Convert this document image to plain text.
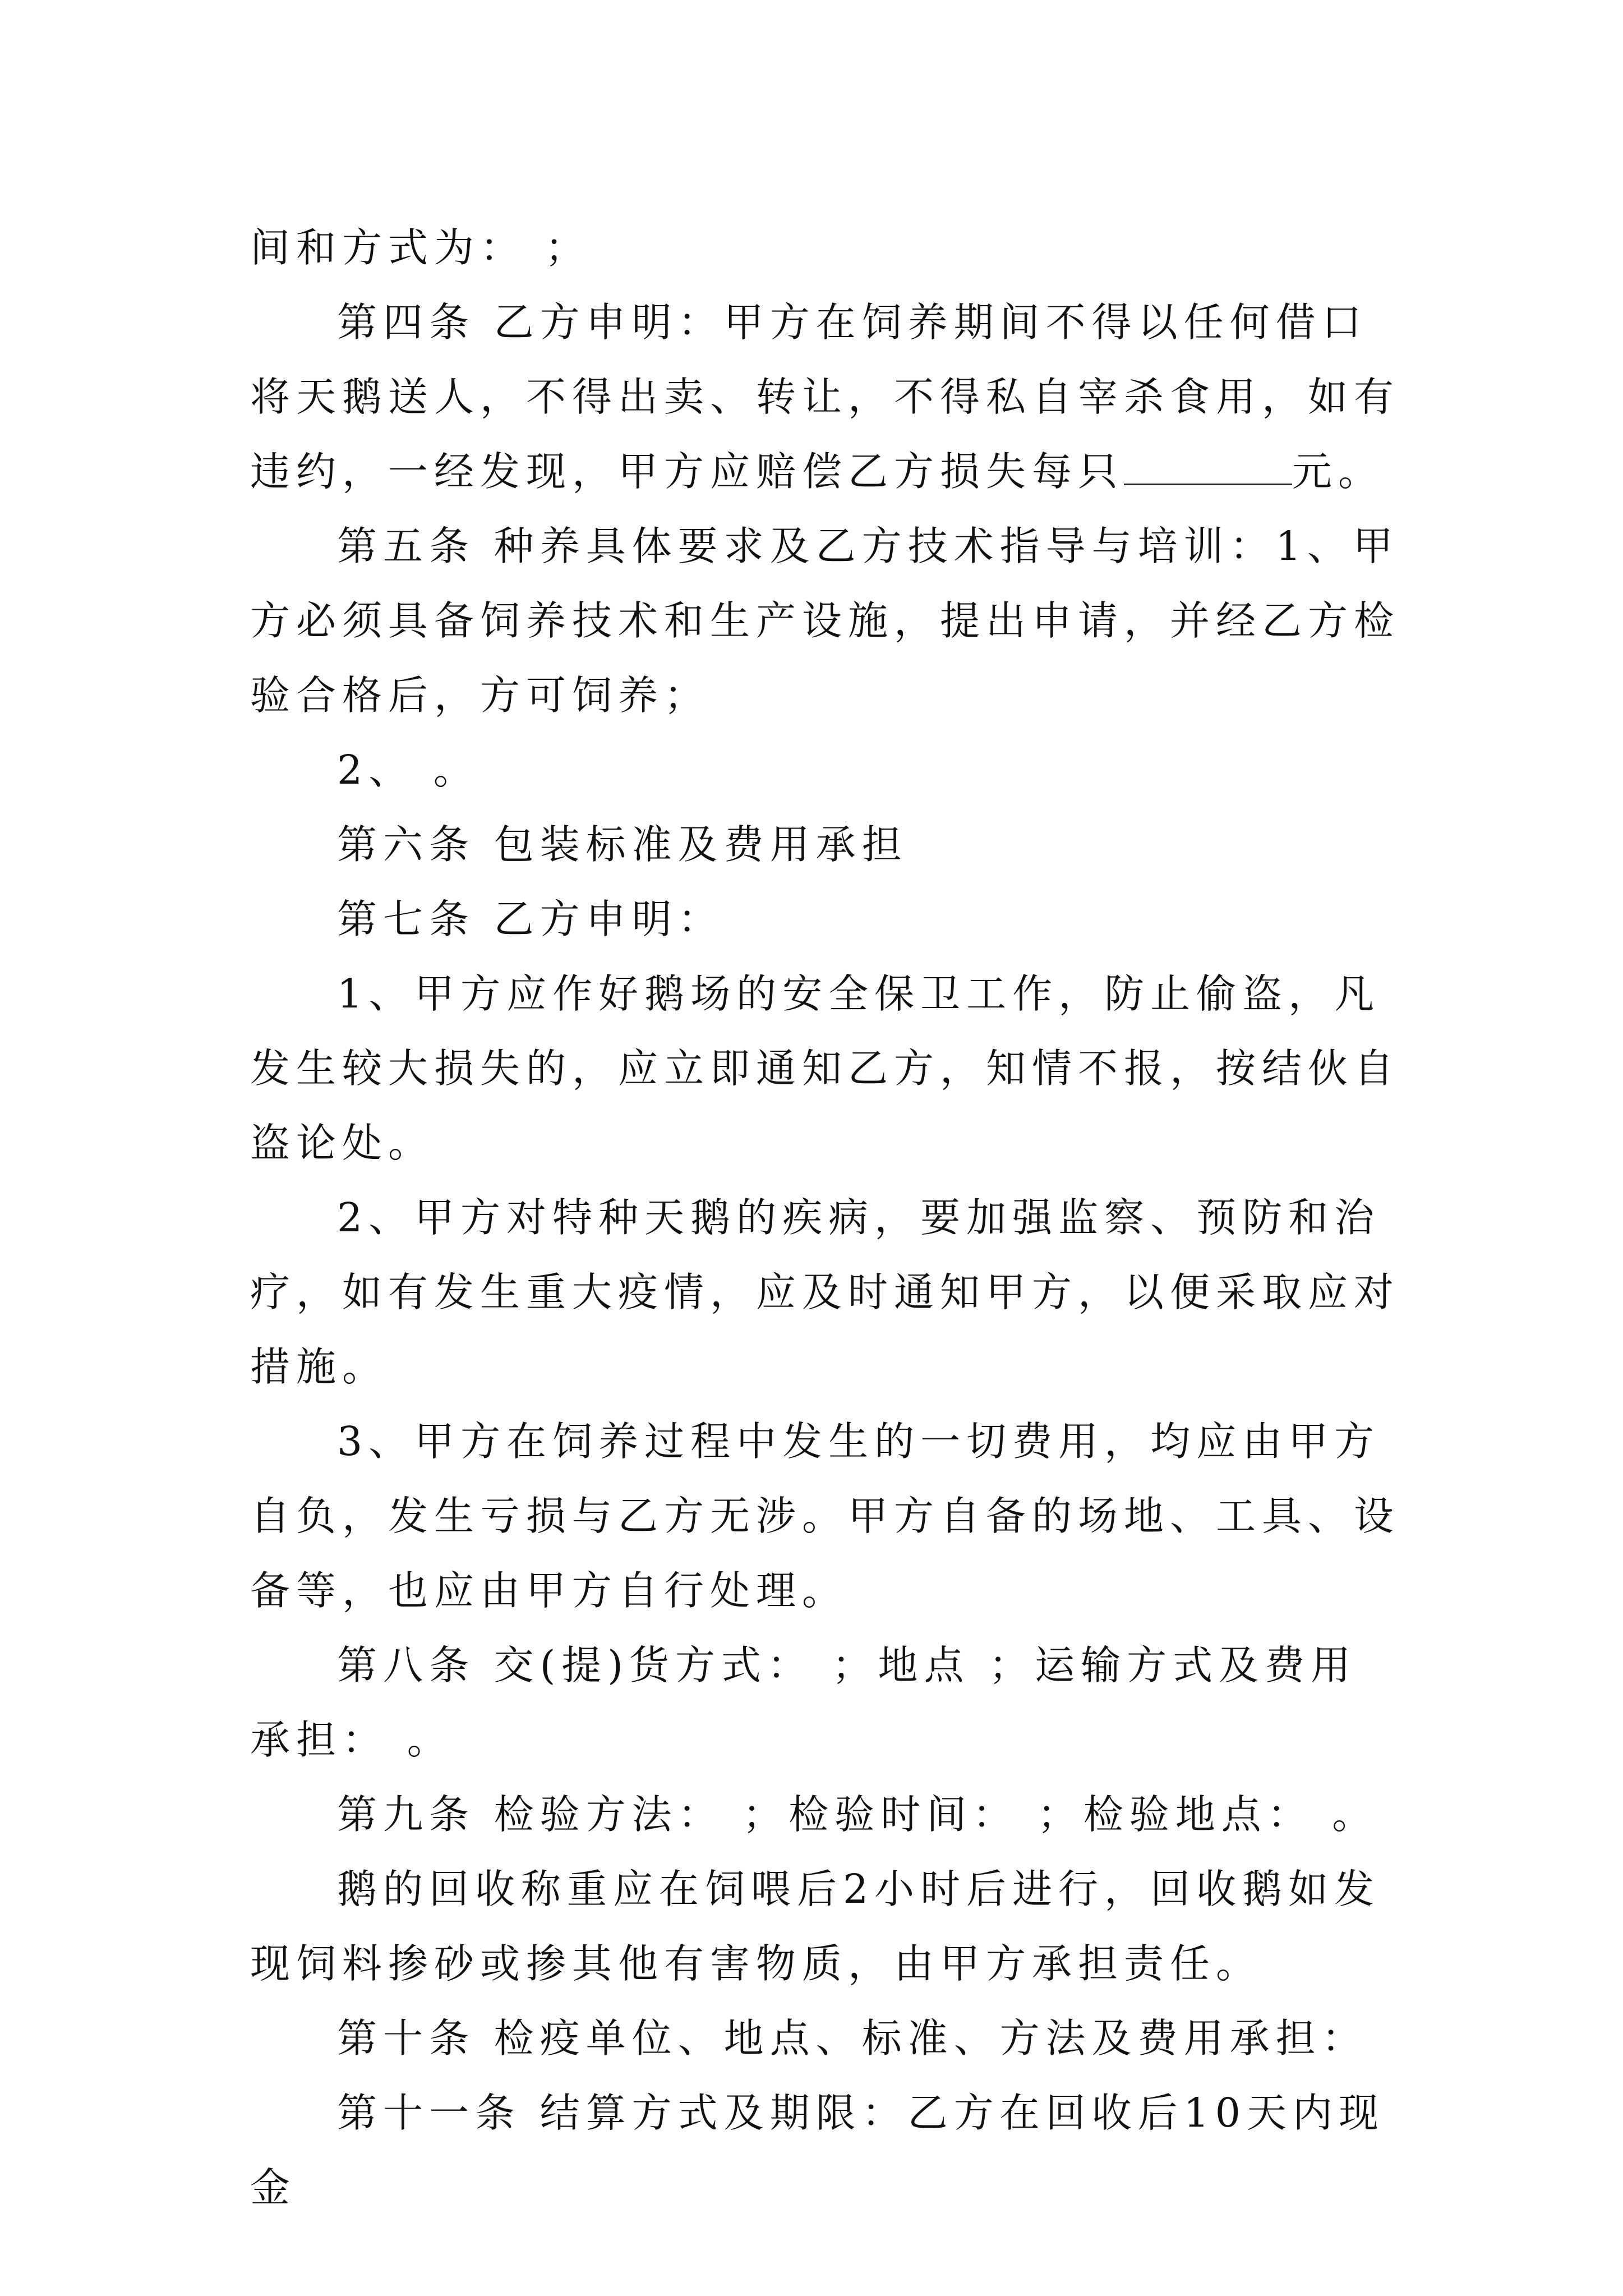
间和方式为： ；

第四条 乙方申明：甲方在饲养期间不得以任何借口将天鹅送人，不得出卖、转让，不得私自宰杀食用，如有违约，一经发现，甲方应赔偿乙方损失每只	元。

第五条 种养具体要求及乙方技术指导与培训：1、甲方必须具备饲养技术和生产设施，提出申请，并经乙方检验合格后，方可饲养；

2、 。

第六条 包装标准及费用承担

第七条 乙方申明：

1、甲方应作好鹅场的安全保卫工作，防止偷盗，凡发生较大损失的，应立即通知乙方，知情不报，按结伙自盗论处。

2、甲方对特种天鹅的疾病，要加强监察、预防和治疗，如有发生重大疫情，应及时通知甲方，以便采取应对措施。

3、甲方在饲养过程中发生的一切费用，均应由甲方自负，发生亏损与乙方无涉。甲方自备的场地、工具、设备等，也应由甲方自行处理。

第八条 交(提)货方式： ；地点 ；运输方式及费用承担： 。

第九条 检验方法： ；检验时间： ；检验地点： 。

鹅的回收称重应在饲喂后2小时后进行，回收鹅如发现饲料掺砂或掺其他有害物质，由甲方承担责任。

第十条 检疫单位、地点、标准、方法及费用承担：

第十一条 结算方式及期限：乙方在回收后10天内现金
